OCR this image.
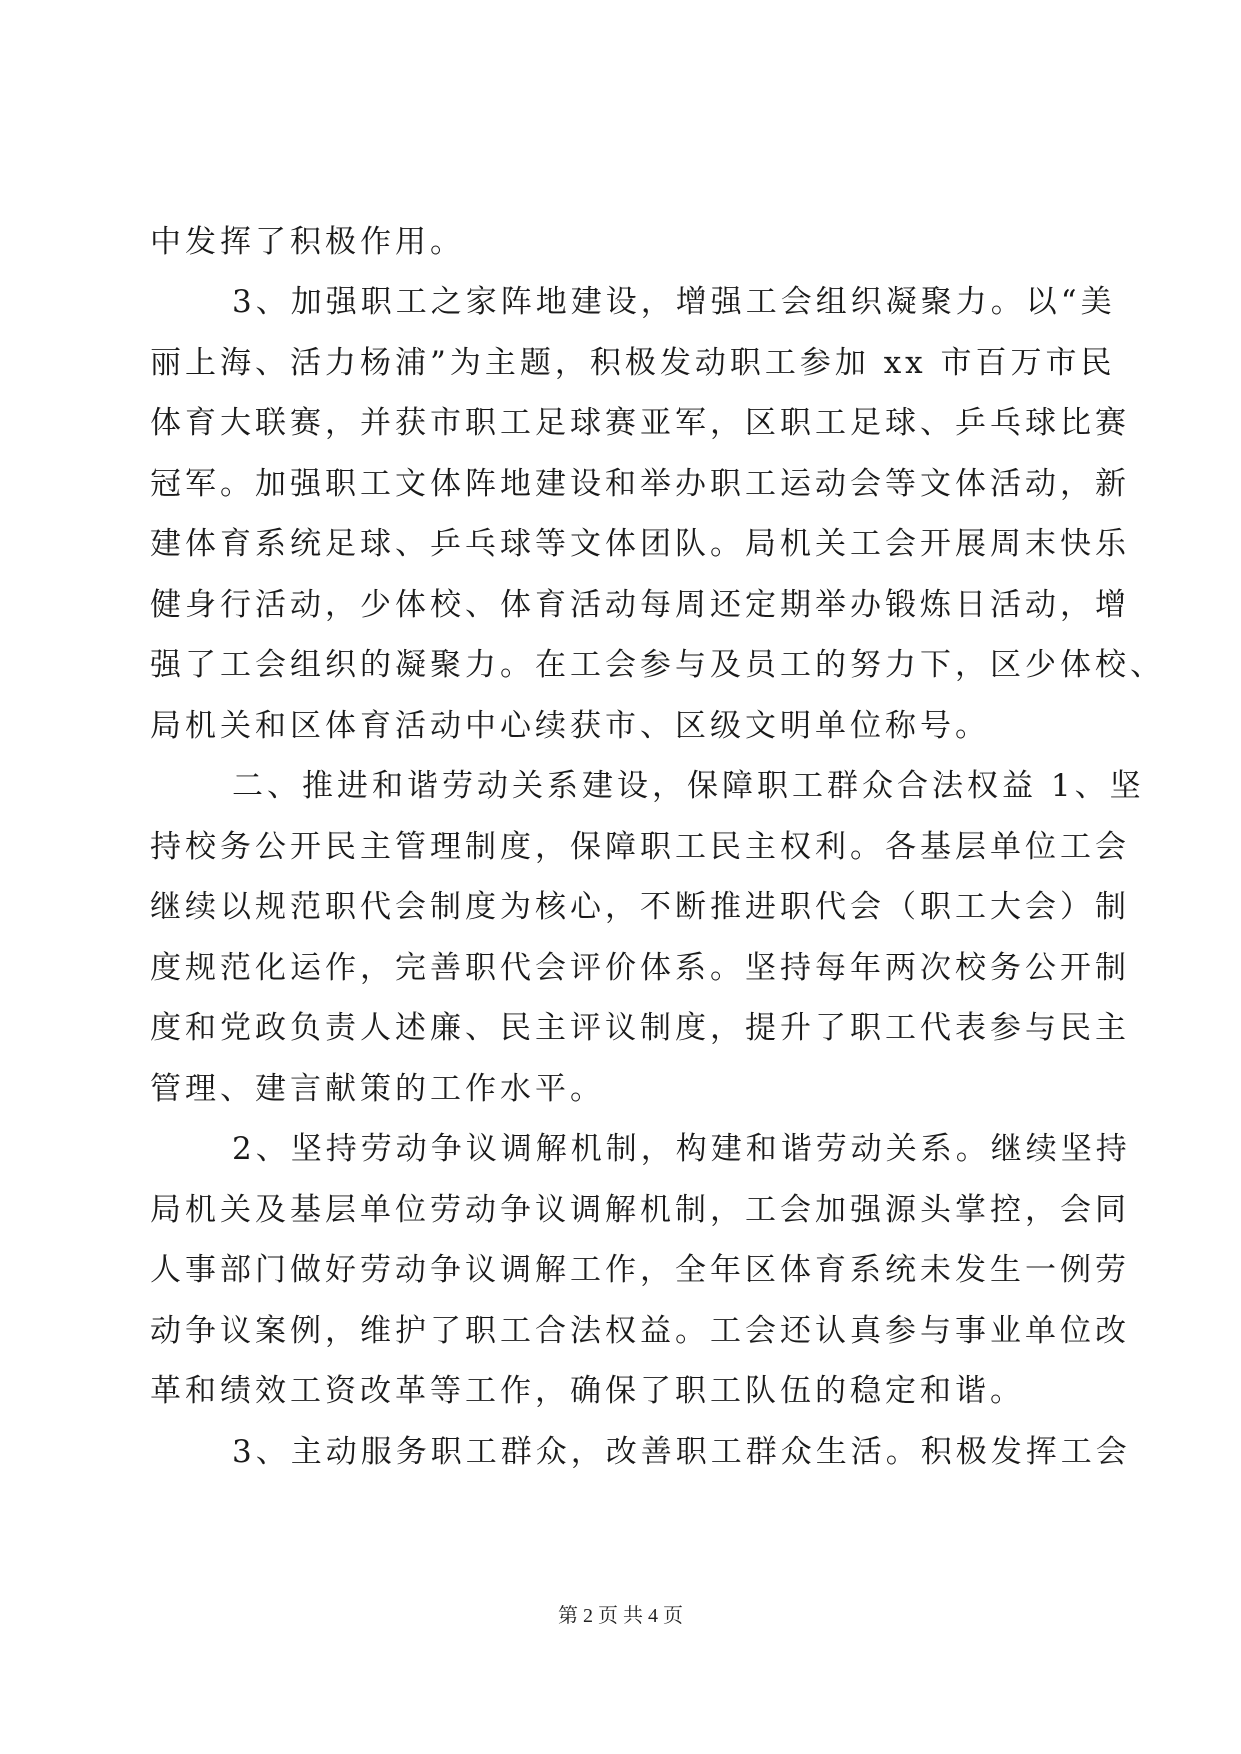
中发挥了积极作用。
3、加强职工之家阵地建设，增强工会组织凝聚力。以“美
丽上海、活力杨浦”为主题，积极发动职工参加 xx 市百万市民
体育大联赛，并获市职工足球赛亚军，区职工足球、乒乓球比赛
冠军。加强职工文体阵地建设和举办职工运动会等文体活动，新
建体育系统足球、乒乓球等文体团队。局机关工会开展周末快乐
健身行活动，少体校、体育活动每周还定期举办锻炼日活动，增
强了工会组织的凝聚力。在工会参与及员工的努力下，区少体校、
局机关和区体育活动中心续获市、区级文明单位称号。
二、推进和谐劳动关系建设，保障职工群众合法权益 1、坚
持校务公开民主管理制度，保障职工民主权利。各基层单位工会
继续以规范职代会制度为核心，不断推进职代会（职工大会）制
度规范化运作，完善职代会评价体系。坚持每年两次校务公开制
度和党政负责人述廉、民主评议制度，提升了职工代表参与民主
管理、建言献策的工作水平。
2、坚持劳动争议调解机制，构建和谐劳动关系。继续坚持
局机关及基层单位劳动争议调解机制，工会加强源头掌控，会同
人事部门做好劳动争议调解工作，全年区体育系统未发生一例劳
动争议案例，维护了职工合法权益。工会还认真参与事业单位改
革和绩效工资改革等工作，确保了职工队伍的稳定和谐。
3、主动服务职工群众，改善职工群众生活。积极发挥工会
第 2 页 共 4 页
